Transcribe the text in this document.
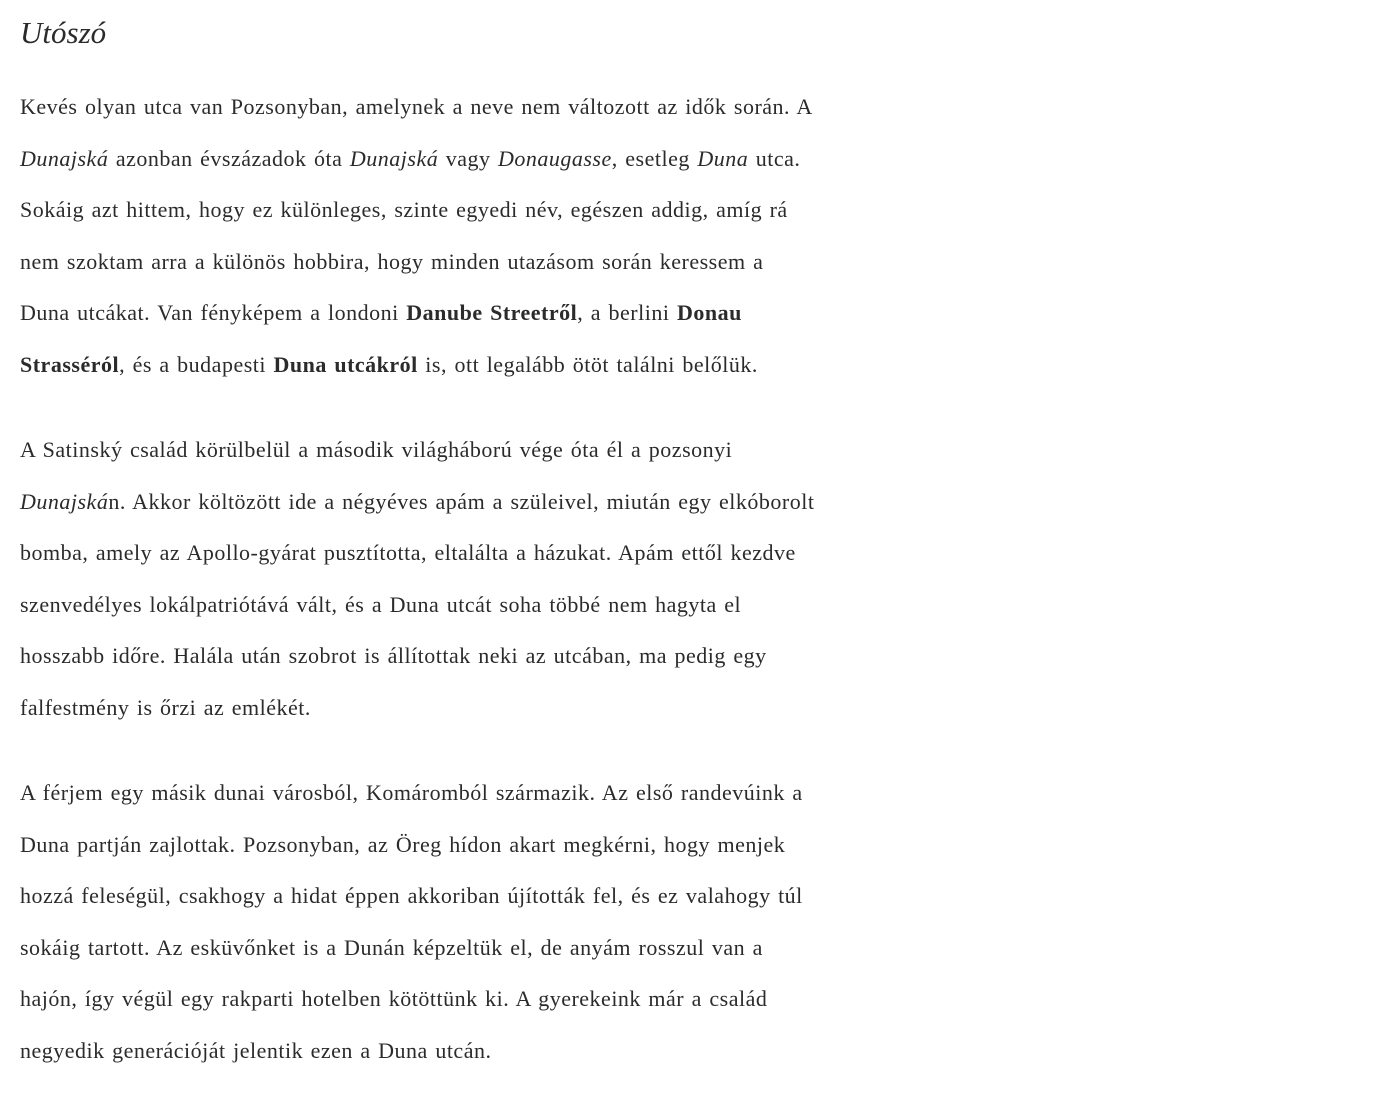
Utószó

Kevés olyan utca van Pozsonyban, amelynek a neve nem változott az idők során. A
Dunajská azonban évszázadok óta Dunajská vagy Donaugasse, esetleg Duna utca.
Sokáig azt hittem, hogy ez különleges, szinte egyedi név, egészen addig, amíg rá
nem szoktam arra a különös hobbira, hogy minden utazásom során keressem a
Duna utcákat. Van fényképem a londoni Danube Streetről, a berlini Donau
Strasséról, és a budapesti Duna utcákról is, ott legalább ötöt találni belőlük.
A Satinský család körülbelül a második világháború vége óta él a pozsonyi
Dunajskán. Akkor költözött ide a négyéves apám a szüleivel, miután egy elkóborolt
bomba, amely az Apollo-gyárat pusztította, eltalálta a házukat. Apám ettől kezdve
szenvedélyes lokálpatriótává vált, és a Duna utcát soha többé nem hagyta el
hosszabb időre. Halála után szobrot is állítottak neki az utcában, ma pedig egy
falfestmény is őrzi az emlékét.
A férjem egy másik dunai városból, Komáromból származik. Az első randevúink a
Duna partján zajlottak. Pozsonyban, az Öreg hídon akart megkérni, hogy menjek
hozzá feleségül, csakhogy a hidat éppen akkoriban újították fel, és ez valahogy túl
sokáig tartott. Az esküvőnket is a Dunán képzeltük el, de anyám rosszul van a
hajón, így végül egy rakparti hotelben kötöttünk ki. A gyerekeink már a család
negyedik generációját jelentik ezen a Duna utcán.
